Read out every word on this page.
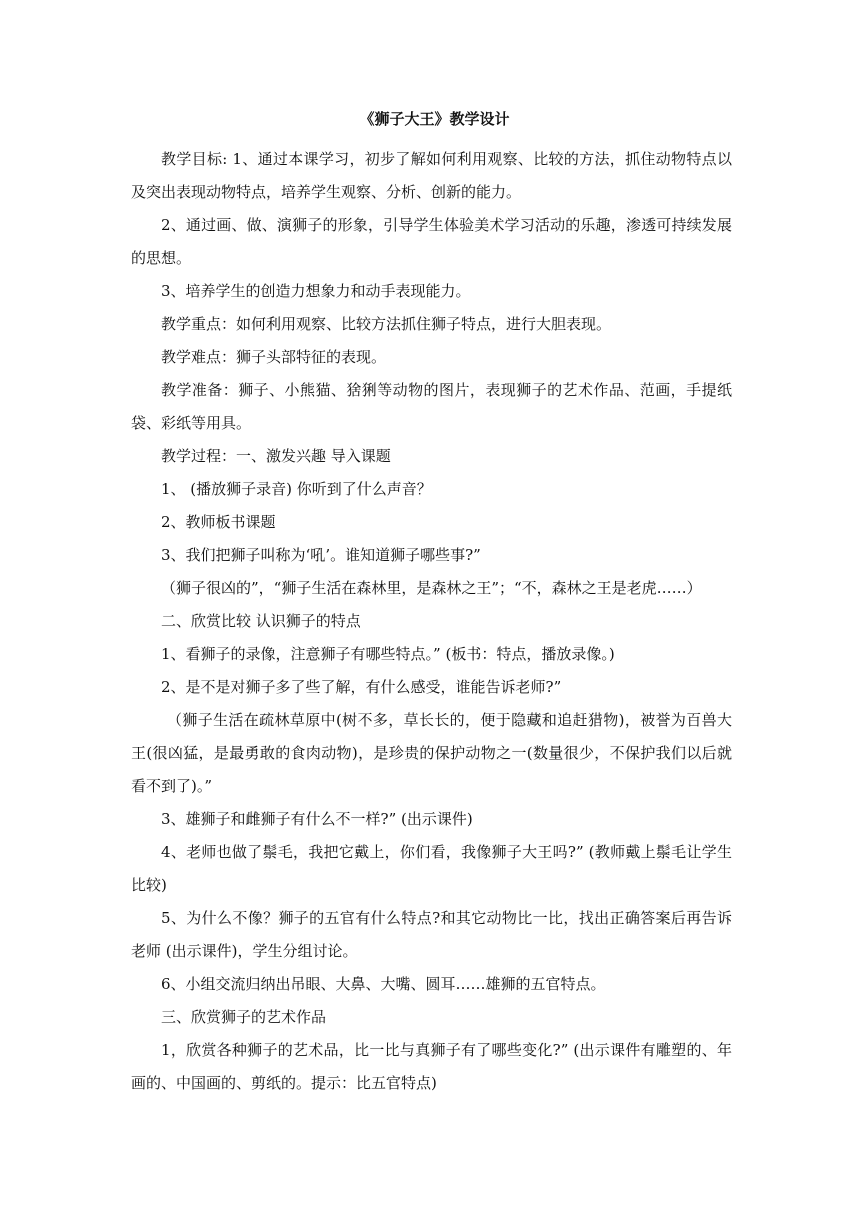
《狮子大王》教学设计

教学目标: 1、通过本课学习，初步了解如何利用观察、比较的方法，抓住动物特点以及突出表现动物特点，培养学生观察、分析、创新的能力。

2、通过画、做、演狮子的形象，引导学生体验美术学习活动的乐趣，渗透可持续发展的思想。

3、培养学生的创造力想象力和动手表现能力。

教学重点：如何利用观察、比较方法抓住狮子特点，进行大胆表现。

教学难点：狮子头部特征的表现。

教学准备：狮子、小熊猫、猞猁等动物的图片，表现狮子的艺术作品、范画，手提纸袋、彩纸等用具。

教学过程：一、激发兴趣 导入课题

1、 (播放狮子录音) 你听到了什么声音？

2、教师板书课题

3、我们把狮子叫称为‘吼’。谁知道狮子哪些事?”

（狮子很凶的”，“狮子生活在森林里，是森林之王”；“不，森林之王是老虎……）

二、欣赏比较 认识狮子的特点

1、看狮子的录像，注意狮子有哪些特点。” (板书：特点，播放录像。)

2、是不是对狮子多了些了解，有什么感受，谁能告诉老师?”

（狮子生活在疏林草原中(树不多，草长长的，便于隐藏和追赶猎物)，被誉为百兽大王(很凶猛，是最勇敢的食肉动物)，是珍贵的保护动物之一(数量很少，不保护我们以后就看不到了)。”

3、雄狮子和雌狮子有什么不一样?” (出示课件)

4、老师也做了鬃毛，我把它戴上，你们看，我像狮子大王吗?” (教师戴上鬃毛让学生比较)

5、为什么不像？狮子的五官有什么特点?和其它动物比一比，找出正确答案后再告诉老师 (出示课件)，学生分组讨论。

6、小组交流归纳出吊眼、大鼻、大嘴、圆耳……雄狮的五官特点。

三、欣赏狮子的艺术作品

1，欣赏各种狮子的艺术品，比一比与真狮子有了哪些变化?” (出示课件有雕塑的、年画的、中国画的、剪纸的。提示：比五官特点)
